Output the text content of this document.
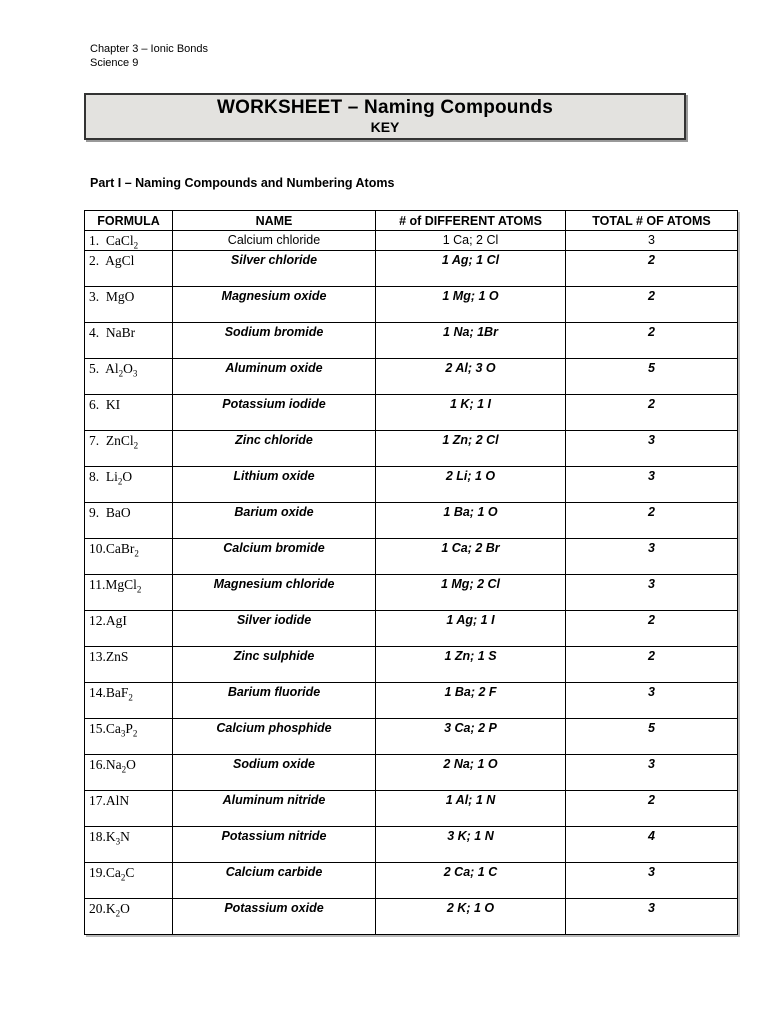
Chapter 3 – Ionic Bonds
Science 9
WORKSHEET – Naming Compounds
KEY
Part I – Naming Compounds and Numbering Atoms
FORMULA	NAME	# of DIFFERENT ATOMS	TOTAL # OF ATOMS
1.  CaCl$_2$	Calcium chloride	1 Ca; 2 Cl	3
2.  AgCl	Silver chloride	1 Ag; 1 Cl	2
3.  MgO	Magnesium oxide	1 Mg; 1 O	2
4.  NaBr	Sodium bromide	1 Na; 1Br	2
5.  $Al_2O_3$	Aluminum oxide	2 Al; 3 O	5
6.  KI	Potassium iodide	1 K; 1 I	2
7.  ZnCl$_2$	Zinc chloride	1 Zn; 2 Cl	3
8.  $Li_2O$	Lithium oxide	2 Li; 1 O	3
9.  BaO	Barium oxide	1 Ba; 1 O	2
10.CaBr$_2$	Calcium bromide	1 Ca; 2 Br	3
11.MgCl$_2$	Magnesium chloride	1 Mg; 2 Cl	3
12.AgI	Silver iodide	1 Ag; 1 I	2
13.ZnS	Zinc sulphide	1 Zn; 1 S	2
14.BaF$_2$	Barium fluoride	1 Ba; 2 F	3
$15.Ca_3P_2$	Calcium phosphide	3 Ca; 2 P	5
$16.Na_2O$	Sodium oxide	2 Na; 1 O	3
17.AlN	Aluminum nitride	1 Al; 1 N	2
$18.K_3N$	Potassium nitride	3 K; 1 N	4
$19.Ca_2C$	Calcium carbide	2 Ca; 1 C	3
$20.K_2O$	Potassium oxide	2 K; 1 O	3
